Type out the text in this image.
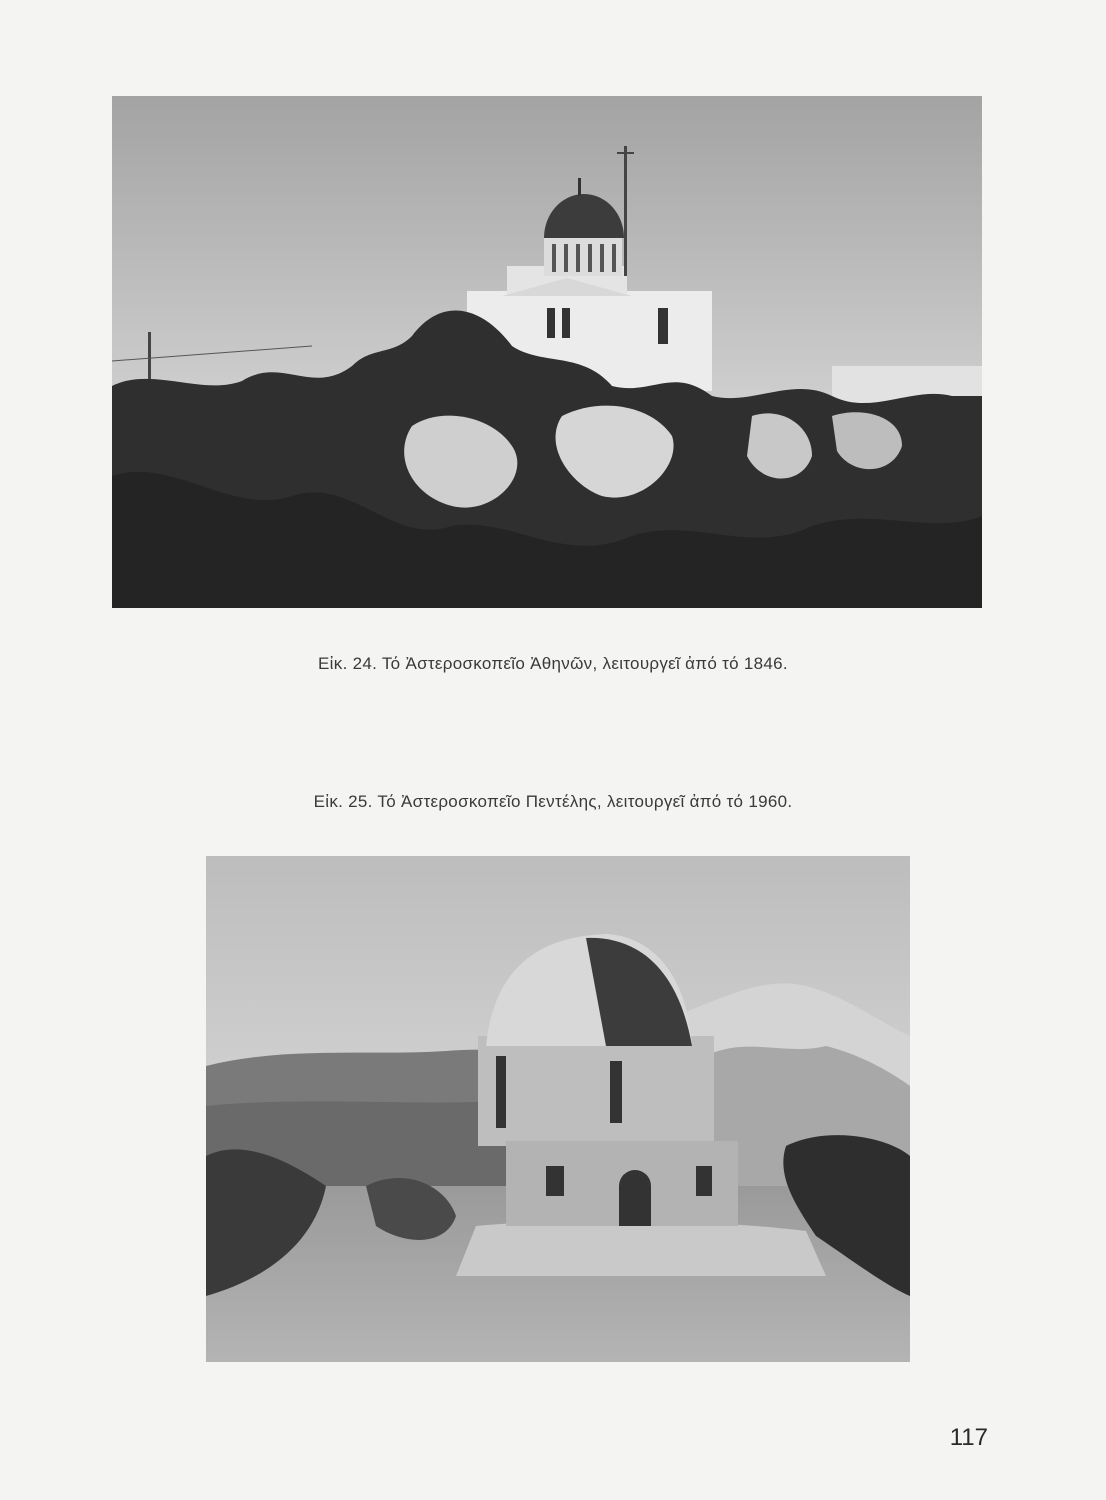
Εἰκ. 24. Τό Ἀστεροσκοπεῖο Ἀθηνῶν, λειτουργεῖ ἀπό τό 1846.
Εἰκ. 25. Τό Ἀστεροσκοπεῖο Πεντέλης, λειτουργεῖ ἀπό τό 1960.
117
